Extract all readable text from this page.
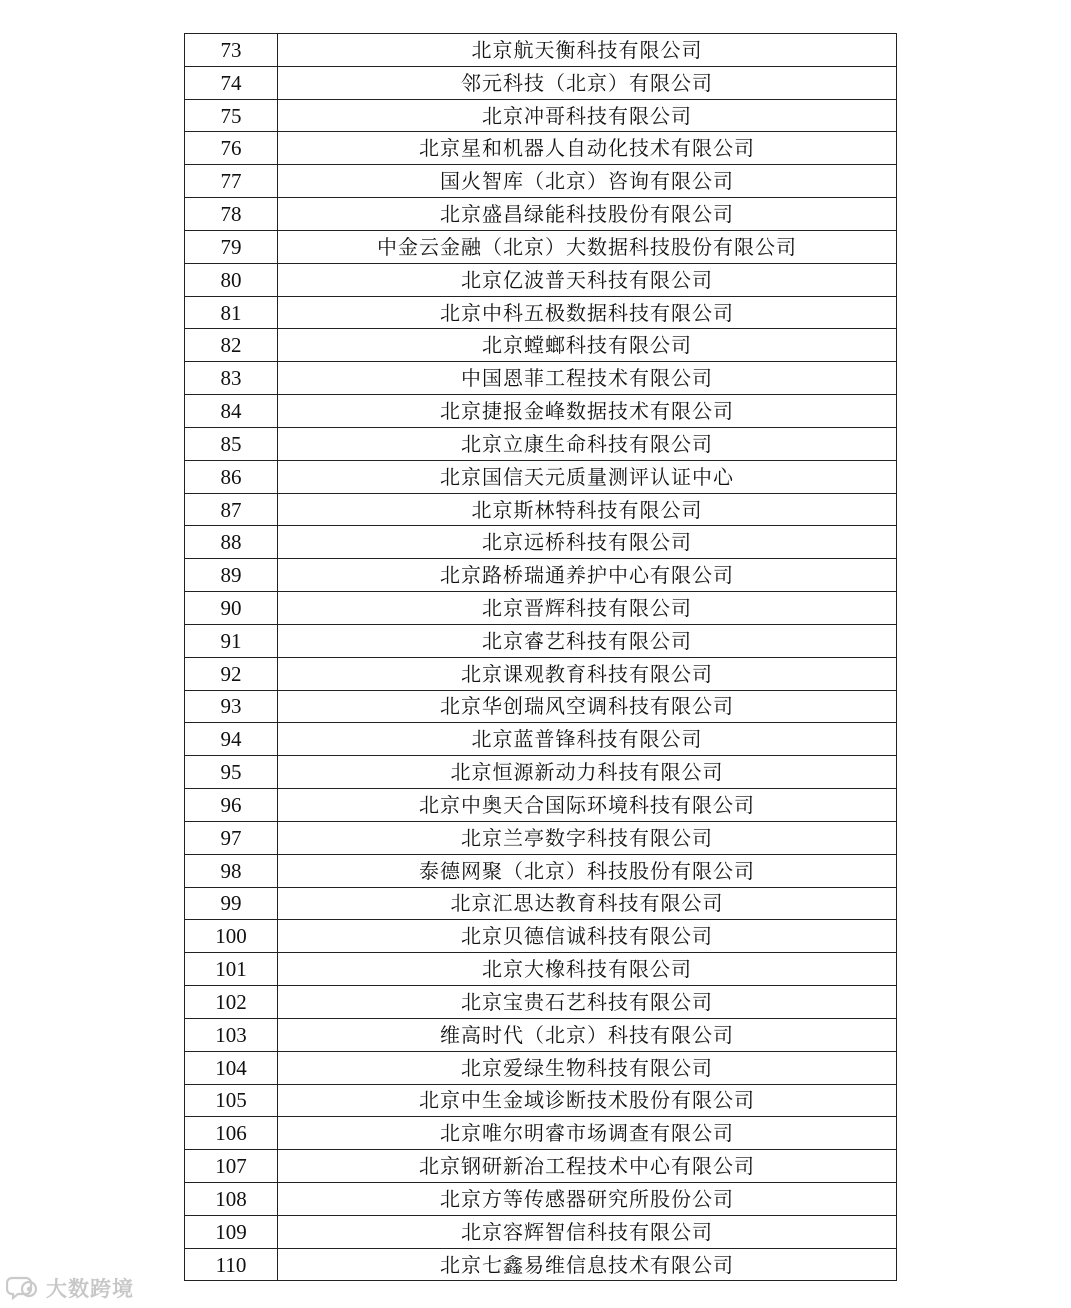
73	北京航天衡科技有限公司
74	邻元科技（北京）有限公司
75	北京冲哥科技有限公司
76	北京星和机器人自动化技术有限公司
77	国火智库（北京）咨询有限公司
78	北京盛昌绿能科技股份有限公司
79	中金云金融（北京）大数据科技股份有限公司
80	北京亿波普天科技有限公司
81	北京中科五极数据科技有限公司
82	北京螳螂科技有限公司
83	中国恩菲工程技术有限公司
84	北京捷报金峰数据技术有限公司
85	北京立康生命科技有限公司
86	北京国信天元质量测评认证中心
87	北京斯林特科技有限公司
88	北京远桥科技有限公司
89	北京路桥瑞通养护中心有限公司
90	北京晋辉科技有限公司
91	北京睿艺科技有限公司
92	北京课观教育科技有限公司
93	北京华创瑞风空调科技有限公司
94	北京蓝普锋科技有限公司
95	北京恒源新动力科技有限公司
96	北京中奥天合国际环境科技有限公司
97	北京兰亭数字科技有限公司
98	泰德网聚（北京）科技股份有限公司
99	北京汇思达教育科技有限公司
100	北京贝德信诚科技有限公司
101	北京大橡科技有限公司
102	北京宝贵石艺科技有限公司
103	维高时代（北京）科技有限公司
104	北京爱绿生物科技有限公司
105	北京中生金域诊断技术股份有限公司
106	北京唯尔明睿市场调查有限公司
107	北京钢研新冶工程技术中心有限公司
108	北京方等传感器研究所股份公司
109	北京容辉智信科技有限公司
110	北京七鑫易维信息技术有限公司
大数跨境
